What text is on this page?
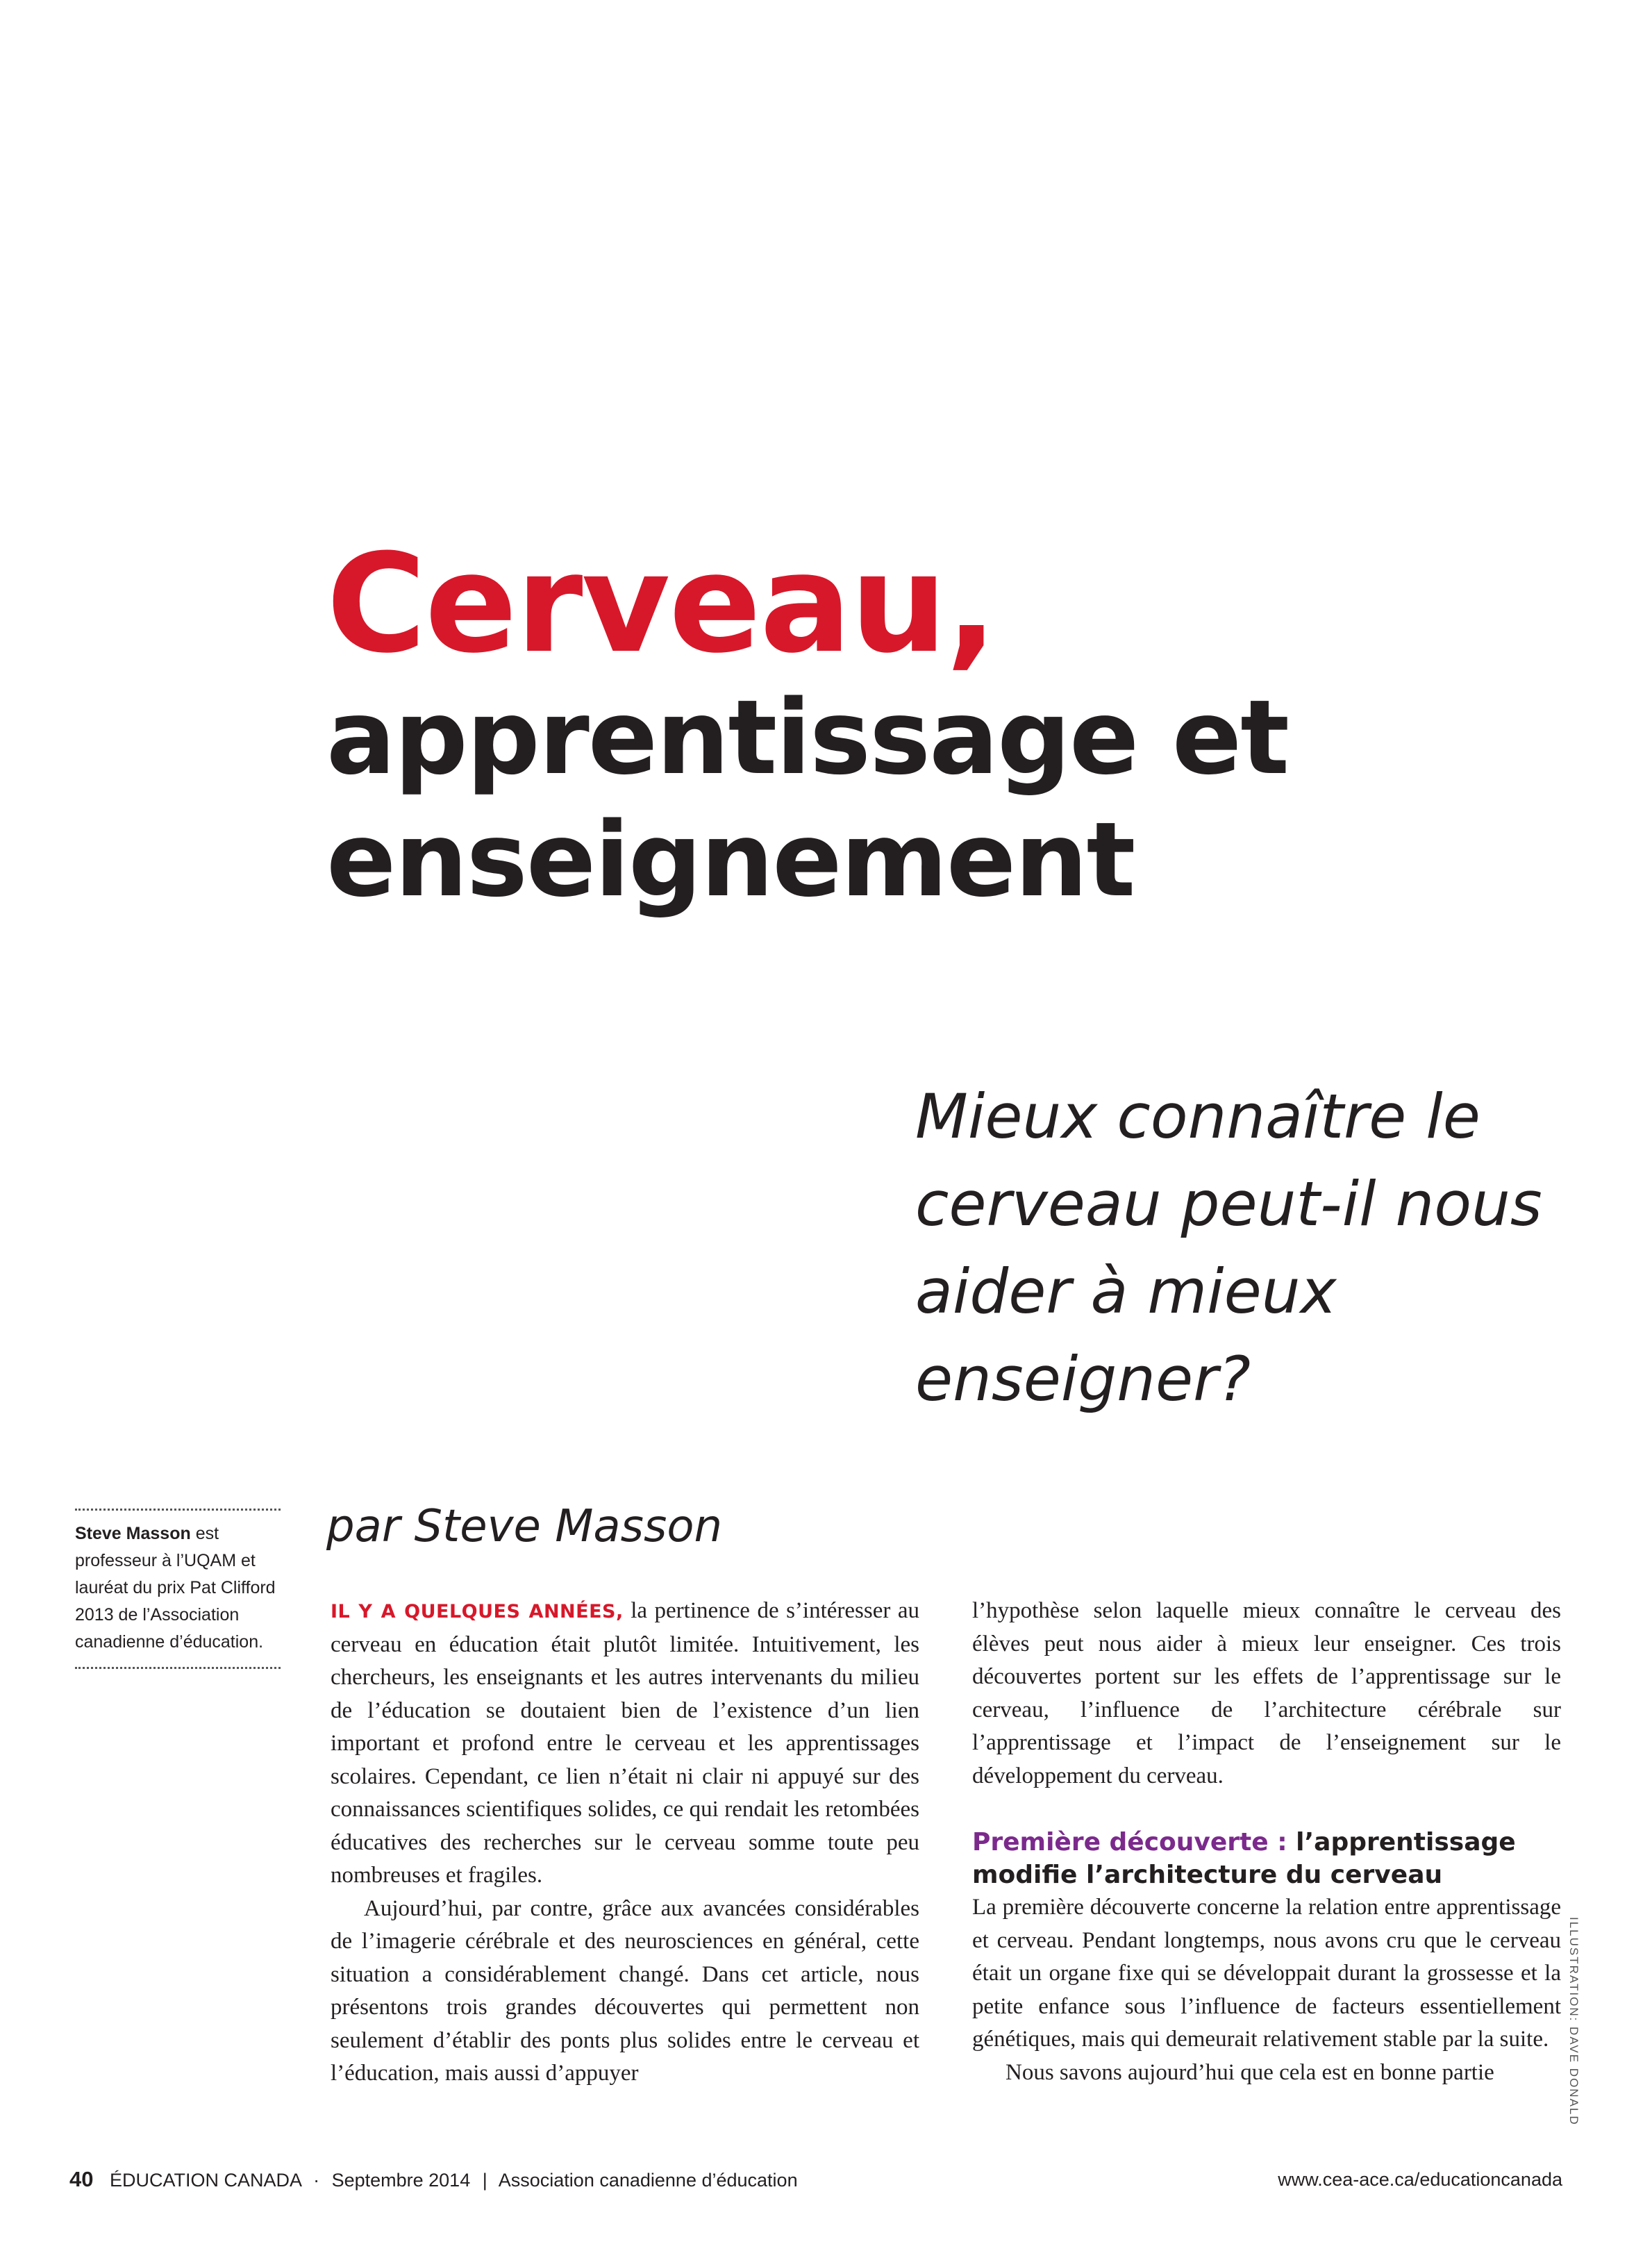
Cerveau,
apprentissage et
enseignement
Mieux connaître le cerveau peut-il nous aider à mieux enseigner?
Steve Masson est professeur à l’UQAM et lauréat du prix Pat Clifford 2013 de l’Association canadienne d’éducation.
par Steve Masson

IL Y A QUELQUES ANNÉES, la pertinence de s’intéresser au cerveau en éducation était plutôt limitée. Intuitivement, les chercheurs, les enseignants et les autres intervenants du milieu de l’éducation se doutaient bien de l’existence d’un lien important et profond entre le cerveau et les apprentissages scolaires. Cependant, ce lien n’était ni clair ni appuyé sur des connaissances scientifiques solides, ce qui rendait les retombées éducatives des recherches sur le cerveau somme toute peu nombreuses et fragiles.

Aujourd’hui, par contre, grâce aux avancées considérables de l’imagerie cérébrale et des neurosciences en général, cette situation a considérablement changé. Dans cet article, nous présentons trois grandes découvertes qui permettent non seulement d’établir des ponts plus solides entre le cerveau et l’éducation, mais aussi d’appuyer

l’hypothèse selon laquelle mieux connaître le cerveau des élèves peut nous aider à mieux leur enseigner. Ces trois découvertes portent sur les effets de l’apprentissage sur le cerveau, l’influence de l’architecture cérébrale sur l’apprentissage et l’impact de l’enseignement sur le développement du cerveau.

Première découverte : l’apprentissage modifie l’architecture du cerveau

La première découverte concerne la relation entre apprentissage et cerveau. Pendant longtemps, nous avons cru que le cerveau était un organe fixe qui se développait durant la grossesse et la petite enfance sous l’influence de facteurs essentiellement génétiques, mais qui demeurait relativement stable par la suite.

Nous savons aujourd’hui que cela est en bonne partie	ILLUSTRATION: DAVE DONALD
40 ÉDUCATION CANADA · Septembre 2014 | Association canadienne d’éducation	www.cea-ace.ca/educationcanada
